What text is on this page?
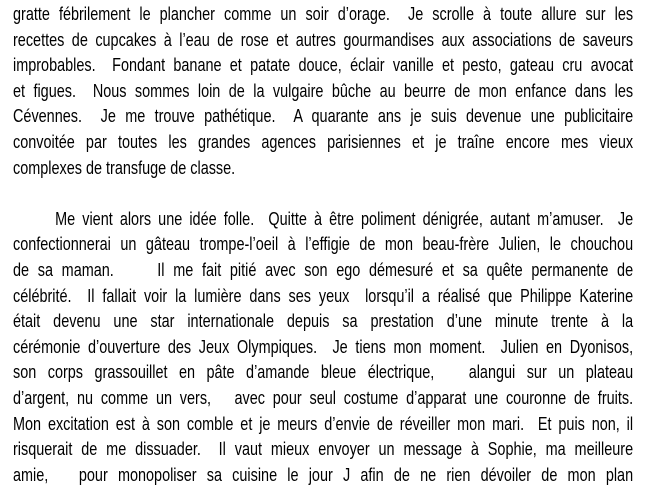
gratte fébrilement le plancher comme un soir d’orage.  Je scrolle à toute allure sur les
recettes de cupcakes à l’eau de rose et autres gourmandises aux associations de saveurs
improbables.  Fondant banane et patate douce, éclair vanille et pesto, gateau cru avocat
et figues.  Nous sommes loin de la vulgaire bûche au beurre de mon enfance dans les
Cévennes.  Je me trouve pathétique.  A quarante ans je suis devenue une publicitaire
convoitée par toutes les grandes agences parisiennes et je traîne encore mes vieux
complexes de transfuge de classe.
Me vient alors une idée folle.  Quitte à être poliment dénigrée, autant m’amuser.  Je
confectionnerai un gâteau trompe-l’oeil à l’effigie de mon beau-frère Julien, le chouchou
de sa maman.     Il me fait pitié avec son ego démesuré et sa quête permanente de
célébrité.  Il fallait voir la lumière dans ses yeux  lorsqu’il a réalisé que Philippe Katerine
était devenu une star internationale depuis sa prestation d’une minute trente à la
cérémonie d’ouverture des Jeux Olympiques.  Je tiens mon moment.  Julien en Dyonisos,
son corps grassouillet en pâte d’amande bleue électrique,   alangui sur un plateau
d’argent, nu comme un vers,   avec pour seul costume d’apparat une couronne de fruits.
Mon excitation est à son comble et je meurs d’envie de réveiller mon mari.  Et puis non, il
risquerait de me dissuader.  Il vaut mieux envoyer un message à Sophie, ma meilleure
amie,   pour monopoliser sa cuisine le jour J afin de ne rien dévoiler de mon plan
